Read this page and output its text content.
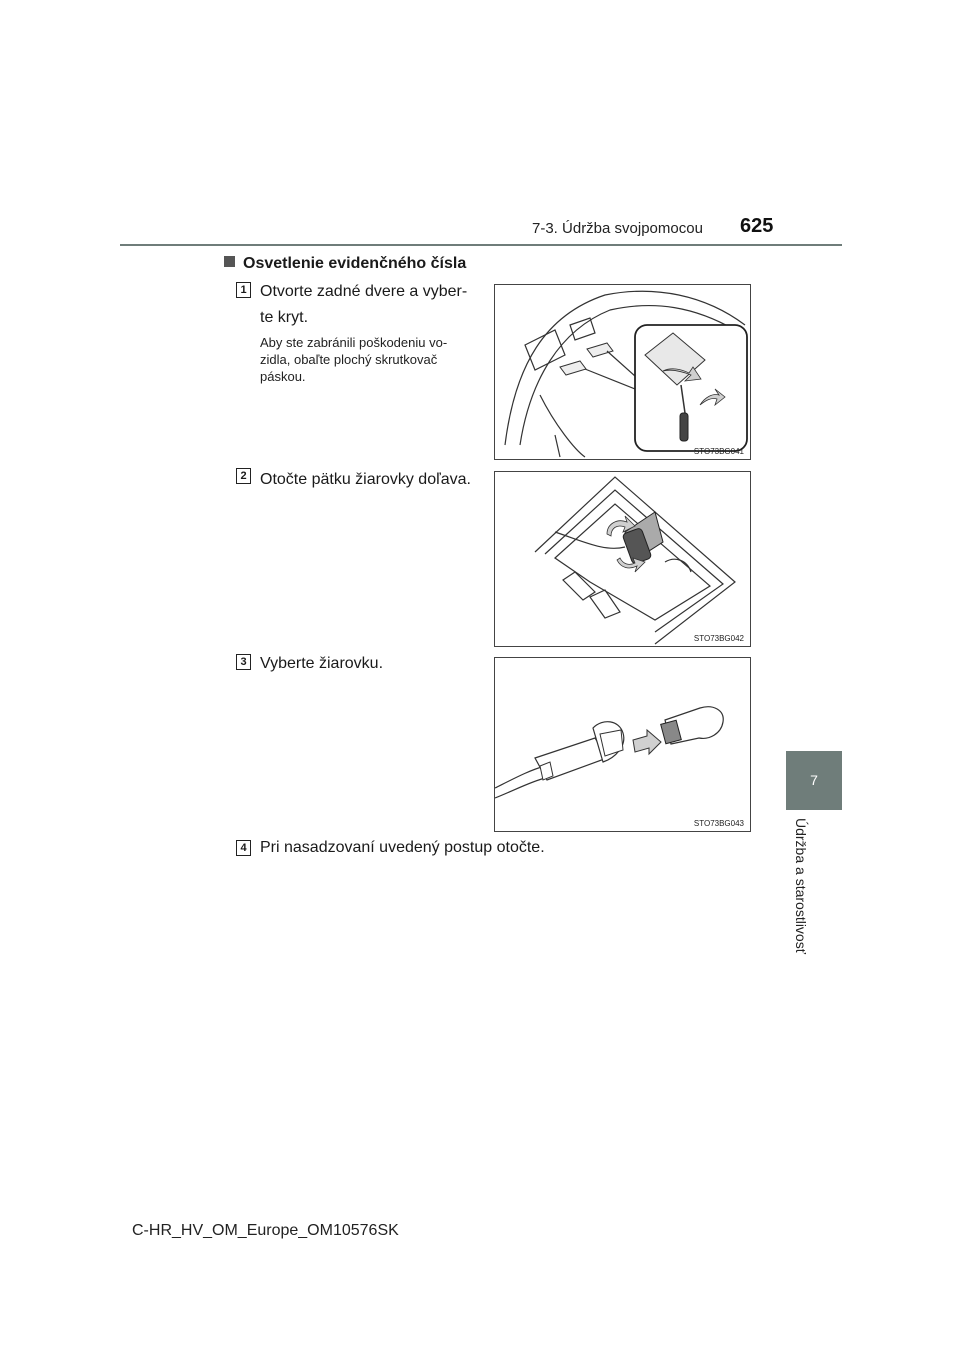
7-3. Údržba svojpomocou 625
7
Údržba a starostlivosť
Osvetlenie evidenčného čísla
1 Otvorte zadné dvere a vyber-
te kryt.
Aby ste zabránili poškodeniu vo-
zidla, obaľte plochý skrutkovač
páskou.
STO73BG041
2 Otočte pätku žiarovky doľava.
STO73BG042
3 Vyberte žiarovku.
STO73BG043
4 Pri nasadzovaní uvedený postup otočte.
C-HR_HV_OM_Europe_OM10576SK
